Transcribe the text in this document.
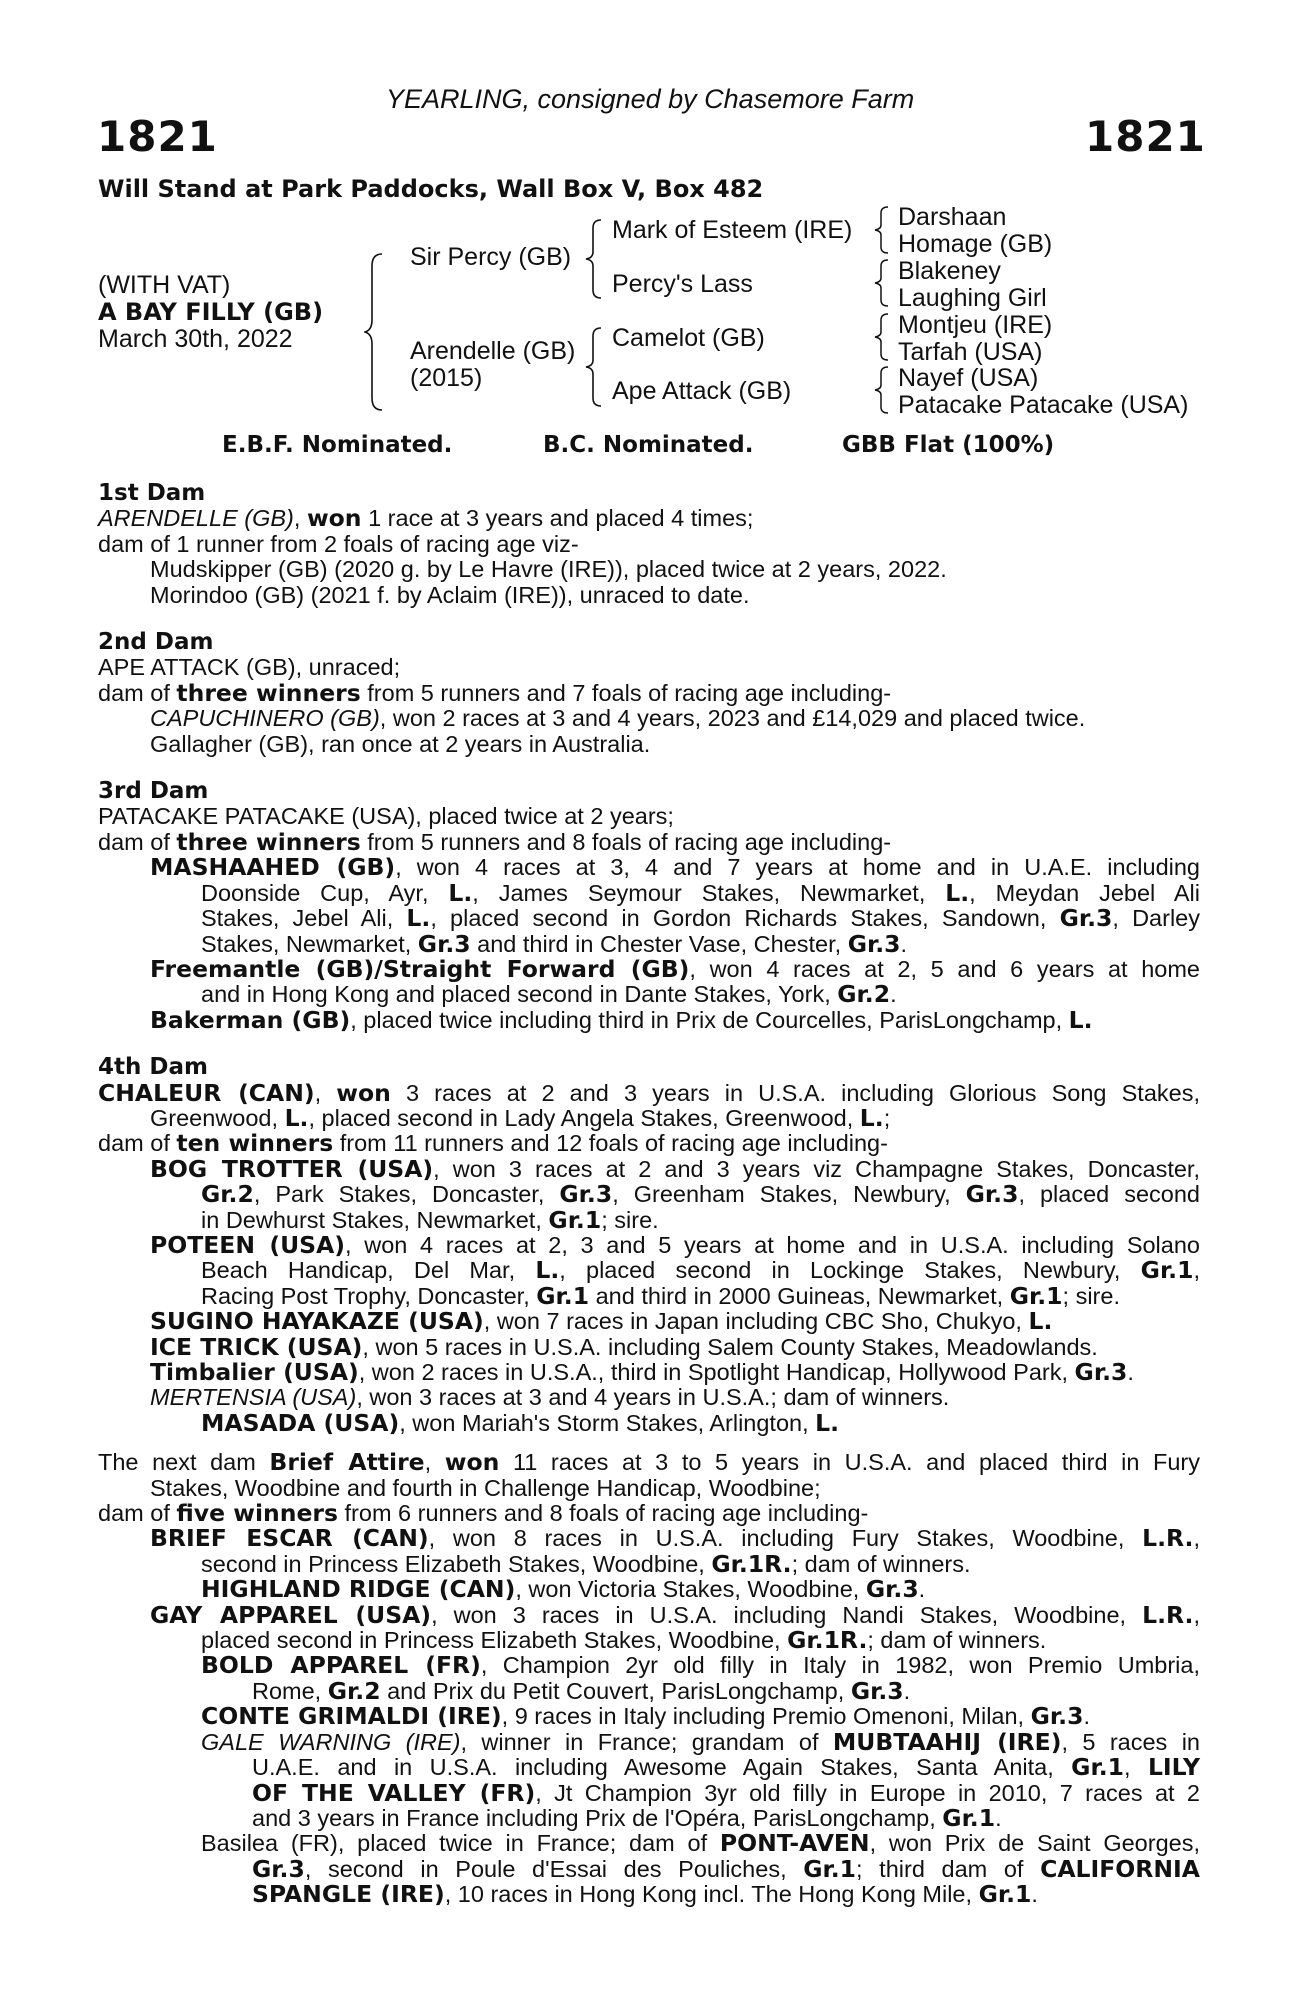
YEARLING, consigned by Chasemore Farm
1821	1821
Will Stand at Park Paddocks, Wall Box V, Box 482
(WITH VAT)
A BAY FILLY (GB)
March 30th, 2022
Sir Percy (GB)
Arendelle (GB)
(2015)
Mark of Esteem (IRE)
Percy's Lass
Camelot (GB)
Ape Attack (GB)
Darshaan
Homage (GB)
Blakeney
Laughing Girl
Montjeu (IRE)
Tarfah (USA)
Nayef (USA)
Patacake Patacake (USA)
E.B.F. Nominated.	B.C. Nominated.	GBB Flat (100%)
1st Dam
ARENDELLE (GB), won 1 race at 3 years and placed 4 times;
dam of 1 runner from 2 foals of racing age viz-
Mudskipper (GB) (2020 g. by Le Havre (IRE)), placed twice at 2 years, 2022.
Morindoo (GB) (2021 f. by Aclaim (IRE)), unraced to date.
2nd Dam
APE ATTACK (GB), unraced;
dam of three winners from 5 runners and 7 foals of racing age including-
CAPUCHINERO (GB), won 2 races at 3 and 4 years, 2023 and £14,029 and placed twice.
Gallagher (GB), ran once at 2 years in Australia.
3rd Dam
PATACAKE PATACAKE (USA), placed twice at 2 years;
dam of three winners from 5 runners and 8 foals of racing age including-
MASHAAHED (GB), won 4 races at 3, 4 and 7 years at home and in U.A.E. including
Doonside Cup, Ayr, L., James Seymour Stakes, Newmarket, L., Meydan Jebel Ali
Stakes, Jebel Ali, L., placed second in Gordon Richards Stakes, Sandown, Gr.3, Darley
Stakes, Newmarket, Gr.3 and third in Chester Vase, Chester, Gr.3.
Freemantle (GB)/Straight Forward (GB), won 4 races at 2, 5 and 6 years at home
and in Hong Kong and placed second in Dante Stakes, York, Gr.2.
Bakerman (GB), placed twice including third in Prix de Courcelles, ParisLongchamp, L.
4th Dam
CHALEUR (CAN), won 3 races at 2 and 3 years in U.S.A. including Glorious Song Stakes,
Greenwood, L., placed second in Lady Angela Stakes, Greenwood, L.;
dam of ten winners from 11 runners and 12 foals of racing age including-
BOG TROTTER (USA), won 3 races at 2 and 3 years viz Champagne Stakes, Doncaster,
Gr.2, Park Stakes, Doncaster, Gr.3, Greenham Stakes, Newbury, Gr.3, placed second
in Dewhurst Stakes, Newmarket, Gr.1; sire.
POTEEN (USA), won 4 races at 2, 3 and 5 years at home and in U.S.A. including Solano
Beach Handicap, Del Mar, L., placed second in Lockinge Stakes, Newbury, Gr.1,
Racing Post Trophy, Doncaster, Gr.1 and third in 2000 Guineas, Newmarket, Gr.1; sire.
SUGINO HAYAKAZE (USA), won 7 races in Japan including CBC Sho, Chukyo, L.
ICE TRICK (USA), won 5 races in U.S.A. including Salem County Stakes, Meadowlands.
Timbalier (USA), won 2 races in U.S.A., third in Spotlight Handicap, Hollywood Park, Gr.3.
MERTENSIA (USA), won 3 races at 3 and 4 years in U.S.A.; dam of winners.
MASADA (USA), won Mariah's Storm Stakes, Arlington, L.
The next dam Brief Attire, won 11 races at 3 to 5 years in U.S.A. and placed third in Fury
Stakes, Woodbine and fourth in Challenge Handicap, Woodbine;
dam of five winners from 6 runners and 8 foals of racing age including-
BRIEF ESCAR (CAN), won 8 races in U.S.A. including Fury Stakes, Woodbine, L.R.,
second in Princess Elizabeth Stakes, Woodbine, Gr.1R.; dam of winners.
HIGHLAND RIDGE (CAN), won Victoria Stakes, Woodbine, Gr.3.
GAY APPAREL (USA), won 3 races in U.S.A. including Nandi Stakes, Woodbine, L.R.,
placed second in Princess Elizabeth Stakes, Woodbine, Gr.1R.; dam of winners.
BOLD APPAREL (FR), Champion 2yr old filly in Italy in 1982, won Premio Umbria,
Rome, Gr.2 and Prix du Petit Couvert, ParisLongchamp, Gr.3.
CONTE GRIMALDI (IRE), 9 races in Italy including Premio Omenoni, Milan, Gr.3.
GALE WARNING (IRE), winner in France; grandam of MUBTAAHIJ (IRE), 5 races in
U.A.E. and in U.S.A. including Awesome Again Stakes, Santa Anita, Gr.1, LILY
OF THE VALLEY (FR), Jt Champion 3yr old filly in Europe in 2010, 7 races at 2
and 3 years in France including Prix de l'Opéra, ParisLongchamp, Gr.1.
Basilea (FR), placed twice in France; dam of PONT-AVEN, won Prix de Saint Georges,
Gr.3, second in Poule d'Essai des Pouliches, Gr.1; third dam of CALIFORNIA
SPANGLE (IRE), 10 races in Hong Kong incl. The Hong Kong Mile, Gr.1.
